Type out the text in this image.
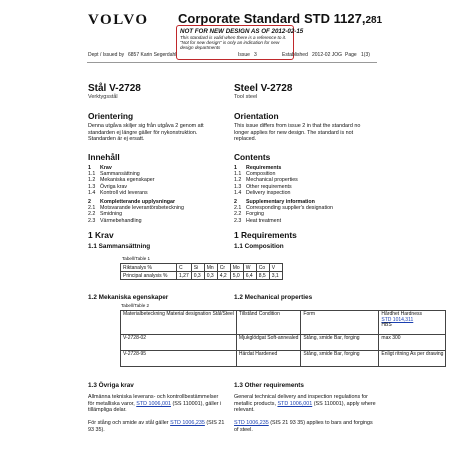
VOLVO Corporate Standard STD 1127,281
NOT FOR NEW DESIGN AS OF 2012-02-15
This standard is valid when there is a reference to it. "Not for new design" is only an indication for new design departments
Dept / Issued by 6857 Karin Segerdahl	Issue 3	Established 2012-02 JOG Page 1(3)
Stål V-2728
Verktygsstål
Steel V-2728
Tool steel
Orientering
Denna utgåva skiljer sig från utgåva 2 genom att standarden ej längre gäller för nykonstruktion. Standarden är ej ersatt.
Orientation
This issue differs from issue 2 in that the standard no longer applies for new design. The standard is not replaced.
Innehåll
1	Krav
1.1 Sammansättning
1.2 Mekaniska egenskaper
1.3 Övriga krav
1.4 Kontroll vid leverans
2	Kompletterande upplysningar
2.1 Motsvarande leverantörsbeteckning
2.2 Smidning
2.3 Värmebehandling
Contents
1	Requirements
1.1 Composition
1.2 Mechanical properties
1.3 Other requirements
1.4 Delivery inspection
2	Supplementary information
2.1 Corresponding supplier's designation
2.2 Forging
2.3 Heat treatment
1 Krav	1 Requirements
1.1 Sammansättning	1.1 Composition
Tabell/Table 1
Riktanalys %	C	Si	Mn	Cr	Mo	W	Co	V
Principal analysis %	1,27	0,3	0,3	4,2	5,0	6,4	8,5	3,1
1.2 Mekaniska egenskaper	1.2 Mechanical properties
Tabell/Table 2
Materialbeteckning Material designation Stål/Steel	Tillstånd Condition	Form	Hårdhet Hardness
STD 1014,311
HBS
V-2728-02	Mjukglödgat Soft-annealed	Stång, smide Bar, forging	max 300
V-2728-95	Härdat Hardened	Stång, smide Bar, forging	Enligt ritning As per drawing
1.3 Övriga krav	1.3 Other requirements
Allmänna tekniska leverans- och kontrollbestämmelser för metalliska varor, STD 1006,001 (SS 110001), gäller i tillämpliga delar.
För stång och smide av stål gäller STD 1006,235 (SIS 21 93 35).
General technical delivery and inspection regulations for metallic products, STD 1006,001 (SS 110001), apply where relevant.
STD 1006,235 (SIS 21 93 35) applies to bars and forgings of steel.
